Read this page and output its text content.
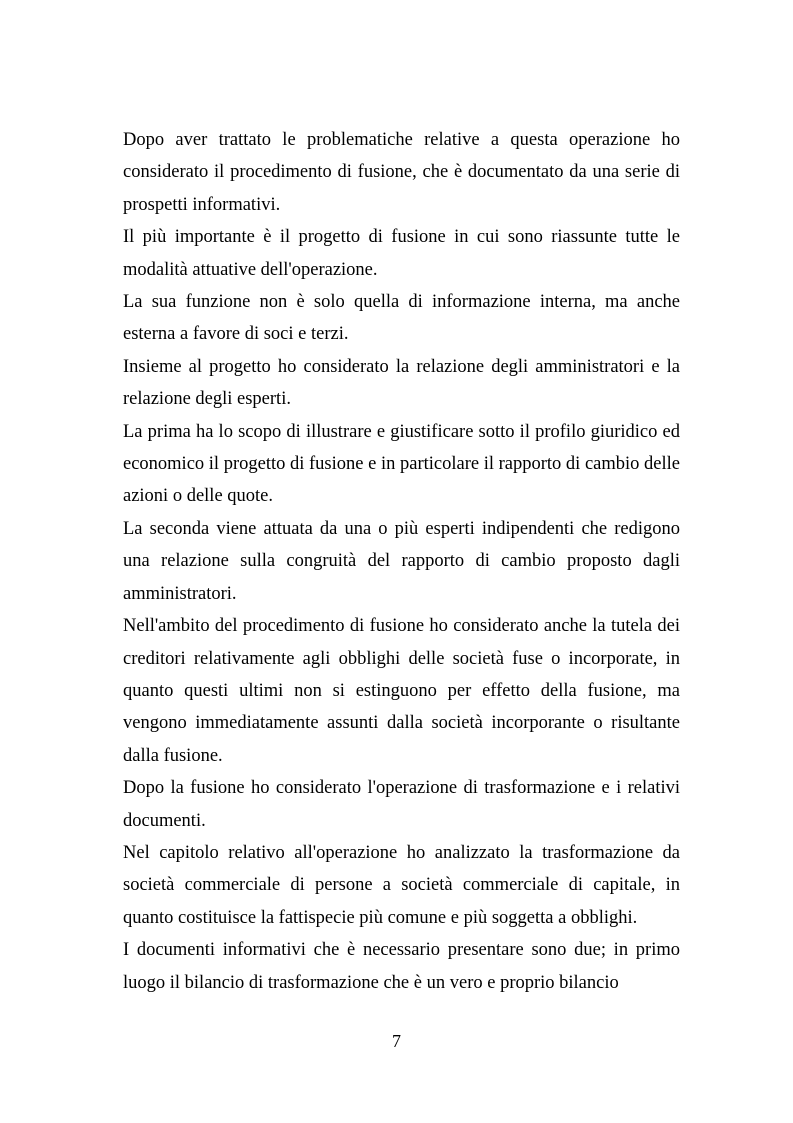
Dopo aver trattato le problematiche relative a questa operazione ho considerato il procedimento di fusione, che è documentato da una serie di prospetti informativi.

Il più importante è il progetto di fusione in cui sono riassunte tutte le modalità attuative dell'operazione.

La sua funzione non è solo quella di informazione interna, ma anche esterna a favore di soci e terzi.

Insieme al progetto ho considerato la relazione degli amministratori e la relazione degli esperti.

La prima ha lo scopo di illustrare e giustificare sotto il profilo giuridico ed economico il progetto di fusione e in particolare il rapporto di cambio delle azioni o delle quote.

La seconda viene attuata da una o più esperti indipendenti che redigono una relazione sulla congruità del rapporto di cambio proposto dagli amministratori.

Nell'ambito del procedimento di fusione ho considerato anche la tutela dei creditori relativamente agli obblighi delle società fuse o incorporate, in quanto questi ultimi non si estinguono per effetto della fusione, ma vengono immediatamente assunti dalla società incorporante o risultante dalla fusione.

Dopo la fusione ho considerato l'operazione di trasformazione e i relativi documenti.

Nel capitolo relativo all'operazione ho analizzato la trasformazione da società commerciale di persone a società commerciale di capitale, in quanto costituisce la fattispecie più comune e più soggetta a obblighi.

I documenti informativi che è necessario presentare sono due; in primo luogo il bilancio di trasformazione che è un vero e proprio bilancio

7
